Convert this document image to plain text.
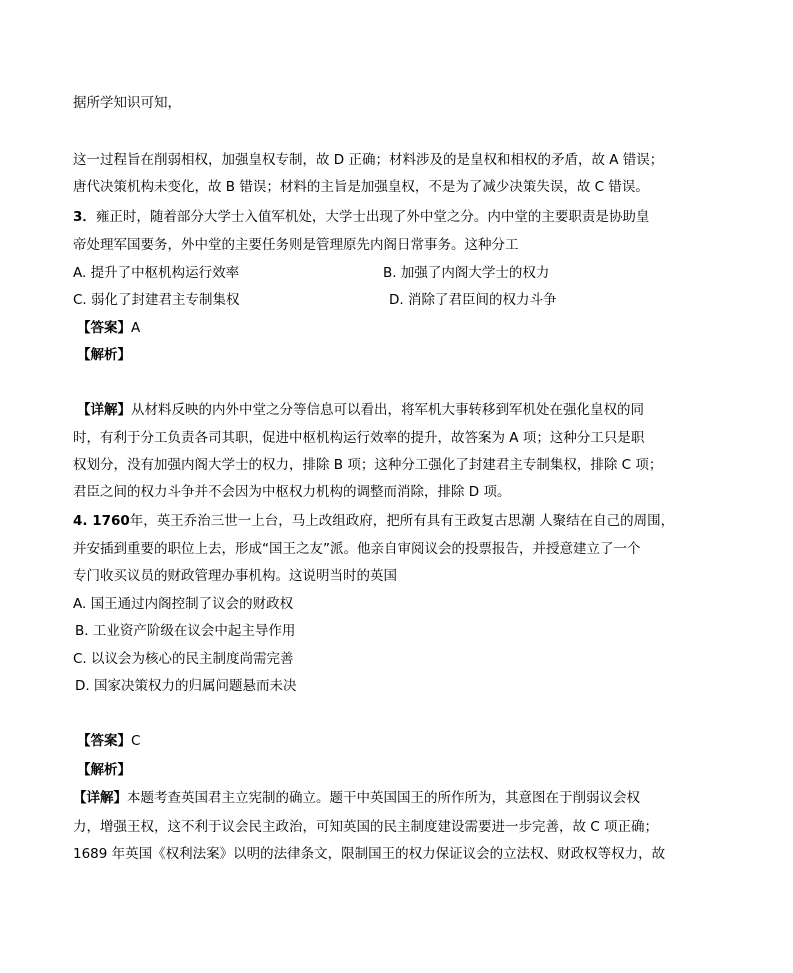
据所学知识可知，
这一过程旨在削弱相权，加强皇权专制，故 D 正确；材料涉及的是皇权和相权的矛盾，故 A 错误；
唐代决策机构未变化，故 B 错误；材料的主旨是加强皇权，不是为了减少决策失误，故 C 错误。
3．雍正时，随着部分大学士入值军机处，大学士出现了外中堂之分。内中堂的主要职责是协助皇
帝处理军国要务，外中堂的主要任务则是管理原先内阁日常事务。这种分工
A. 提升了中枢机构运行效率	B. 加强了内阁大学士的权力
C. 弱化了封建君主专制集权	D. 消除了君臣间的权力斗争
【答案】A
【解析】
【详解】从材料反映的内外中堂之分等信息可以看出，将军机大事转移到军机处在强化皇权的同
时，有利于分工负责各司其职，促进中枢机构运行效率的提升，故答案为 A 项；这种分工只是职
权划分，没有加强内阁大学士的权力，排除 B 项；这种分工强化了封建君主专制集权，排除 C 项；
君臣之间的权力斗争并不会因为中枢权力机构的调整而消除，排除 D 项。
4. 1760年，英王乔治三世一上台，马上改组政府，把所有具有王政复古思潮 人聚结在自己的周围，
并安插到重要的职位上去，形成“国王之友”派。他亲自审阅议会的投票报告，并授意建立了一个
专门收买议员的财政管理办事机构。这说明当时的英国
A. 国王通过内阁控制了议会的财政权
B. 工业资产阶级在议会中起主导作用
C. 以议会为核心的民主制度尚需完善
D. 国家决策权力的归属问题悬而未决
【答案】C
【解析】
【详解】本题考查英国君主立宪制的确立。题干中英国国王的所作所为，其意图在于削弱议会权
力，增强王权，这不利于议会民主政治，可知英国的民主制度建设需要进一步完善，故 C 项正确；
1689 年英国《权利法案》以明的法律条文，限制国王的权力保证议会的立法权、财政权等权力，故
